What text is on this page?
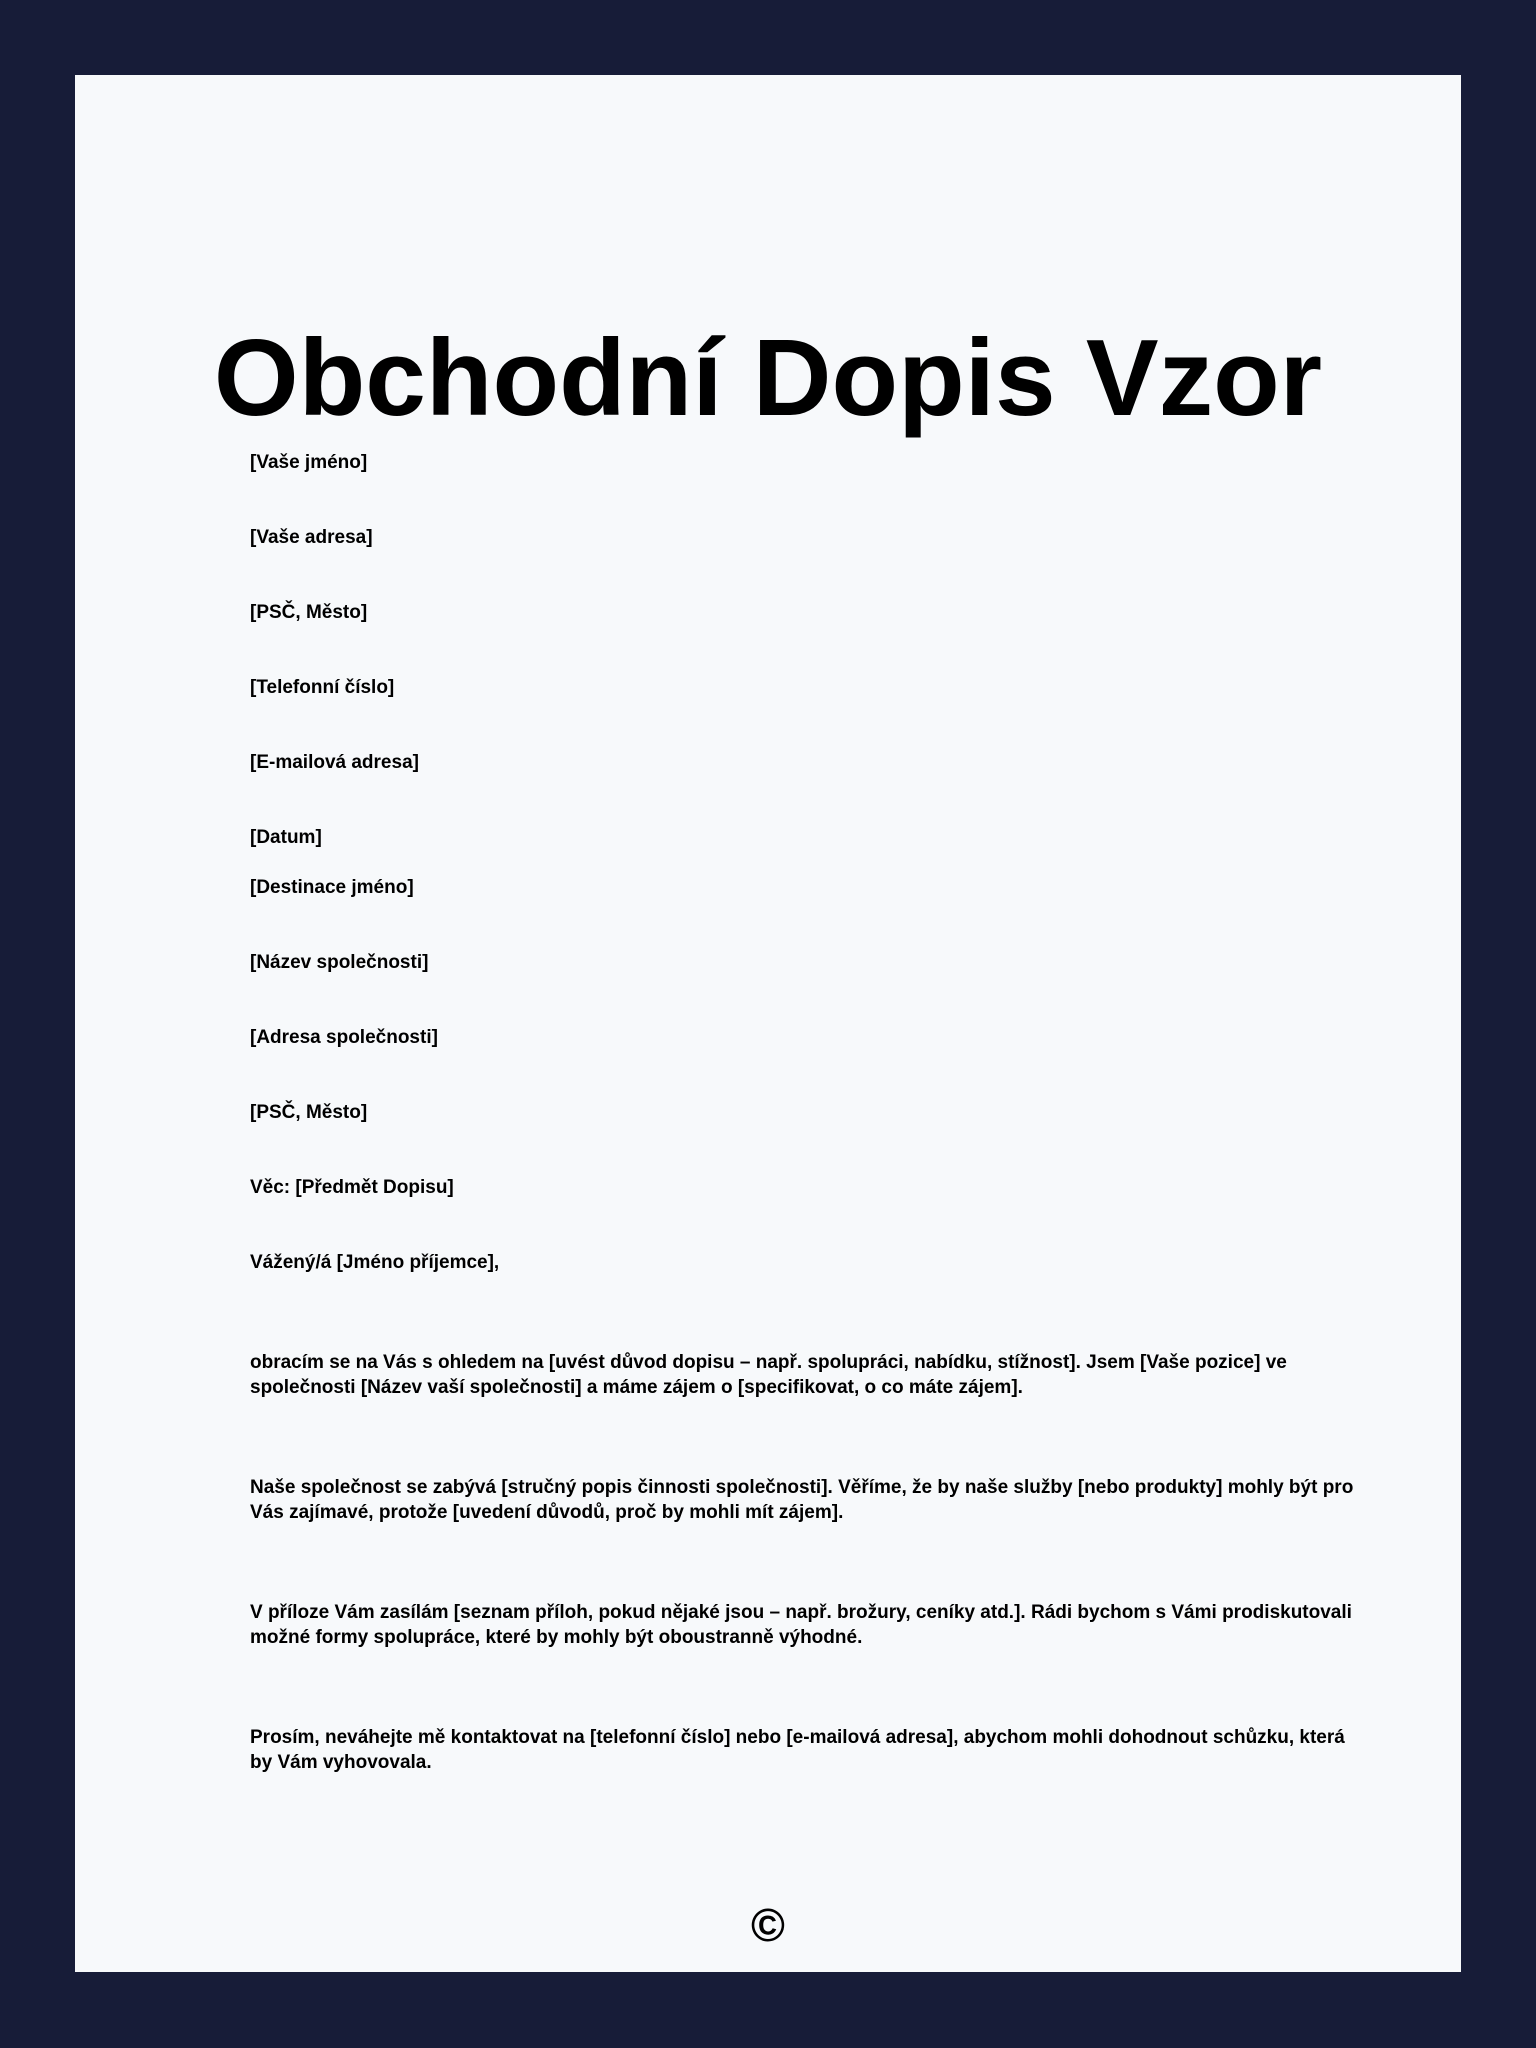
Obchodní Dopis Vzor

[Vaše jméno]

[Vaše adresa]

[PSČ, Město]

[Telefonní číslo]

[E-mailová adresa]

[Datum]

[Destinace jméno]

[Název společnosti]

[Adresa společnosti]

[PSČ, Město]

Věc: [Předmět Dopisu]

Vážený/á [Jméno příjemce],

obracím se na Vás s ohledem na [uvést důvod dopisu – např. spolupráci, nabídku, stížnost]. Jsem [Vaše pozice] ve společnosti [Název vaší společnosti] a máme zájem o [specifikovat, o co máte zájem].

Naše společnost se zabývá [stručný popis činnosti společnosti]. Věříme, že by naše služby [nebo produkty] mohly být pro Vás zajímavé, protože [uvedení důvodů, proč by mohli mít zájem].

V příloze Vám zasílám [seznam příloh, pokud nějaké jsou – např. brožury, ceníky atd.]. Rádi bychom s Vámi prodiskutovali možné formy spolupráce, které by mohly být oboustranně výhodné.

Prosím, neváhejte mě kontaktovat na [telefonní číslo] nebo [e-mailová adresa], abychom mohli dohodnout schůzku, která by Vám vyhovovala.

©
